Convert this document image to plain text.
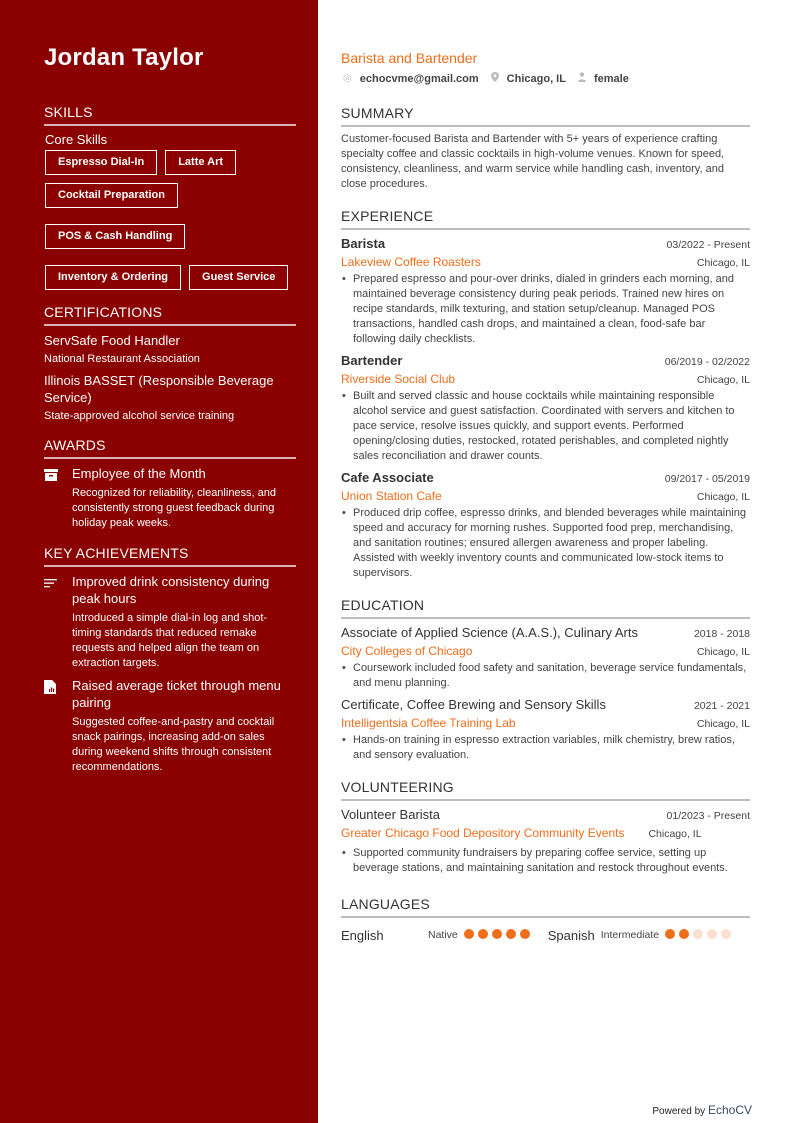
Jordan Taylor
SKILLS
Core Skills
Espresso Dial-In	Latte Art
Cocktail Preparation
POS & Cash Handling
Inventory & Ordering	Guest Service
CERTIFICATIONS
ServSafe Food Handler
National Restaurant Association
Illinois BASSET (Responsible Beverage Service)
State-approved alcohol service training
AWARDS
Employee of the Month
Recognized for reliability, cleanliness, and consistently strong guest feedback during holiday peak weeks.
KEY ACHIEVEMENTS
Improved drink consistency during peak hours
Introduced a simple dial-in log and shot-timing standards that reduced remake requests and helped align the team on extraction targets.
Raised average ticket through menu pairing
Suggested coffee-and-pastry and cocktail snack pairings, increasing add-on sales during weekend shifts through consistent recommendations.
Barista and Bartender
◎ echocvme@gmail.com	Chicago, IL	female
SUMMARY
Customer-focused Barista and Bartender with 5+ years of experience crafting specialty coffee and classic cocktails in high-volume venues. Known for speed, consistency, cleanliness, and warm service while handling cash, inventory, and close procedures.
EXPERIENCE
Barista	03/2022 - Present
Lakeview Coffee Roasters	Chicago, IL
• Prepared espresso and pour-over drinks, dialed in grinders each morning, and maintained beverage consistency during peak periods. Trained new hires on recipe standards, milk texturing, and station setup/cleanup. Managed POS transactions, handled cash drops, and maintained a clean, food-safe bar following daily checklists.
Bartender	06/2019 - 02/2022
Riverside Social Club	Chicago, IL
• Built and served classic and house cocktails while maintaining responsible alcohol service and guest satisfaction. Coordinated with servers and kitchen to pace service, resolve issues quickly, and support events. Performed opening/closing duties, restocked, rotated perishables, and completed nightly sales reconciliation and drawer counts.
Cafe Associate	09/2017 - 05/2019
Union Station Cafe	Chicago, IL
• Produced drip coffee, espresso drinks, and blended beverages while maintaining speed and accuracy for morning rushes. Supported food prep, merchandising, and sanitation routines; ensured allergen awareness and proper labeling. Assisted with weekly inventory counts and communicated low-stock items to supervisors.
EDUCATION
Associate of Applied Science (A.A.S.), Culinary Arts	2018 - 2018
City Colleges of Chicago	Chicago, IL
• Coursework included food safety and sanitation, beverage service fundamentals, and menu planning.
Certificate, Coffee Brewing and Sensory Skills	2021 - 2021
Intelligentsia Coffee Training Lab	Chicago, IL
• Hands-on training in espresso extraction variables, milk chemistry, brew ratios, and sensory evaluation.
VOLUNTEERING
Volunteer Barista	01/2023 - Present
Greater Chicago Food Depository Community Events Chicago, IL
• Supported community fundraisers by preparing coffee service, setting up beverage stations, and maintaining sanitation and restock throughout events.
LANGUAGES
English	Native	Spanish Intermediate
Powered by EchoCV
